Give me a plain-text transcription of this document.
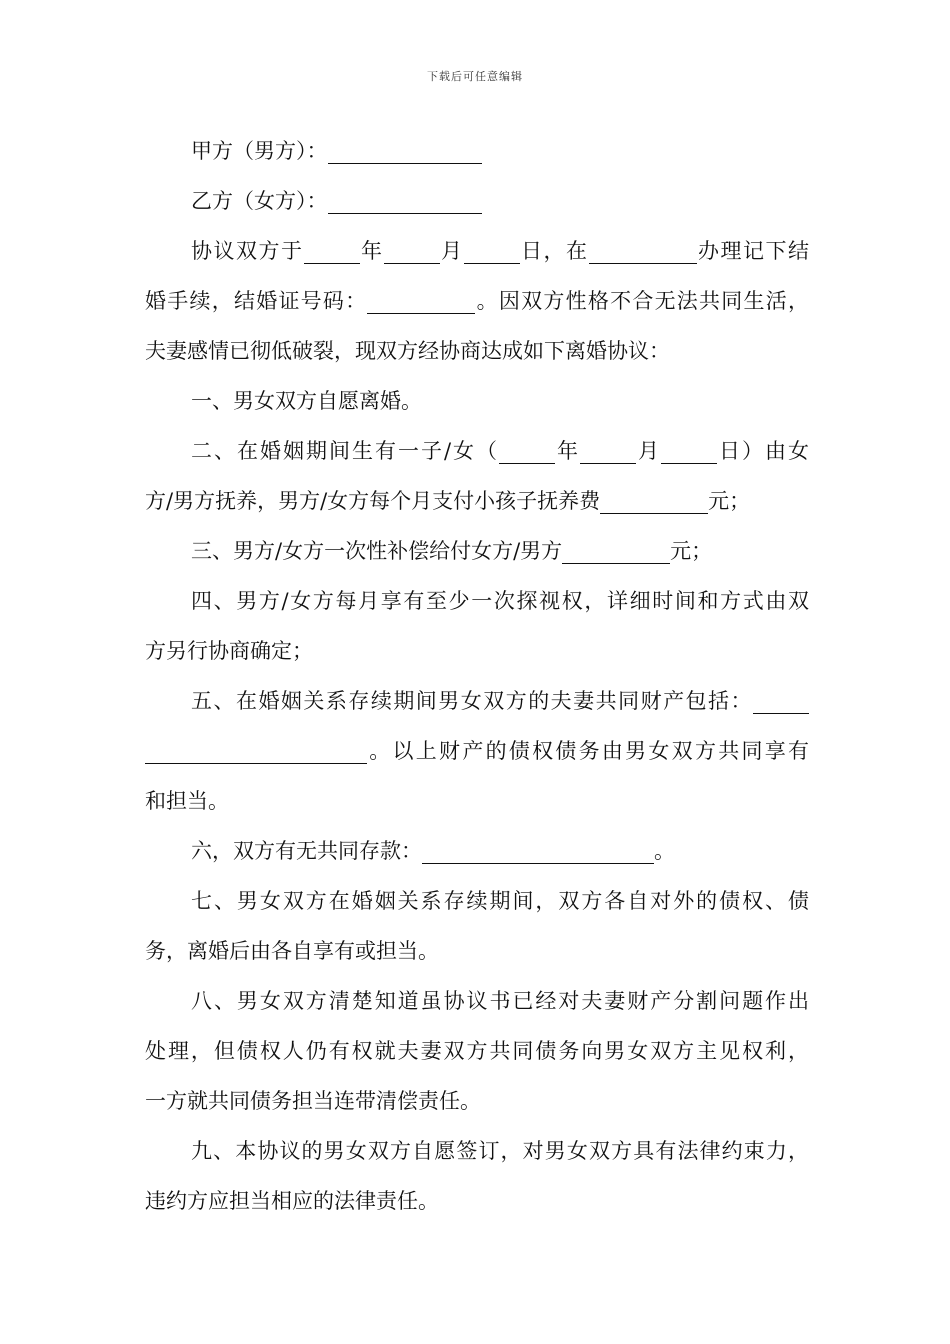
下载后可任意编辑
甲方（男方）：
乙方（女方）：
协议双方于	年	月	日，在	办理记下结
婚手续，结婚证号码：	。因双方性格不合无法共同生活，
夫妻感情已彻低破裂，现双方经协商达成如下离婚协议：
一、男女双方自愿离婚。
二、在婚姻期间生有一子/女（	年	月	日）由女
方/男方抚养，男方/女方每个月支付小孩子抚养费	元；
三、男方/女方一次性补偿给付女方/男方	元；
四、男方/女方每月享有至少一次探视权，详细时间和方式由双
方另行协商确定；
五、在婚姻关系存续期间男女双方的夫妻共同财产包括：
。以上财产的债权债务由男女双方共同享有
和担当。
六，双方有无共同存款：	。
七、男女双方在婚姻关系存续期间，双方各自对外的债权、债
务，离婚后由各自享有或担当。
八、男女双方清楚知道虽协议书已经对夫妻财产分割问题作出
处理，但债权人仍有权就夫妻双方共同债务向男女双方主见权利，
一方就共同债务担当连带清偿责任。
九、本协议的男女双方自愿签订，对男女双方具有法律约束力，
违约方应担当相应的法律责任。
